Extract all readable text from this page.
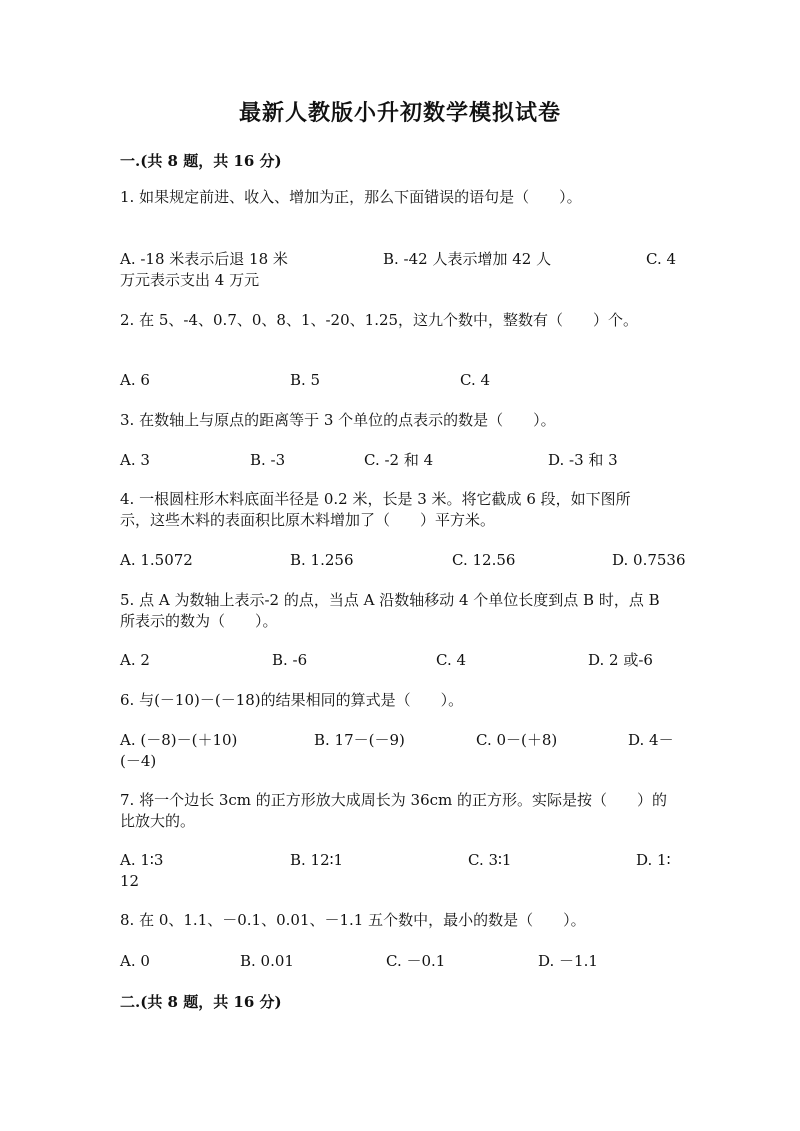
最新人教版小升初数学模拟试卷
一.(共 8 题，共 16 分)
1. 如果规定前进、收入、增加为正，那么下面错误的语句是（　　）。
A. -18 米表示后退 18 米	B. -42 人表示增加 42 人	C. 4
万元表示支出 4 万元
2. 在 5、-4、0.7、0、8、1、-20、1.25，这九个数中，整数有（　　）个。
A. 6	B. 5	C. 4
3. 在数轴上与原点的距离等于 3 个单位的点表示的数是（　　）。
A. 3	B. -3	C. -2 和 4	D. -3 和 3
4. 一根圆柱形木料底面半径是 0.2 米，长是 3 米。将它截成 6 段，如下图所
示，这些木料的表面积比原木料增加了（　　）平方米。
A. 1.5072	B. 1.256	C. 12.56	D. 0.7536
5. 点 A 为数轴上表示-2 的点，当点 A 沿数轴移动 4 个单位长度到点 B 时，点 B
所表示的数为（　　）。
A. 2	B. -6	C. 4	D. 2 或-6
6. 与(－10)－(－18)的结果相同的算式是（　　）。
A. (－8)－(＋10)	B. 17－(－9)	C. 0－(＋8)	D. 4－
(－4)
7. 将一个边长 3cm 的正方形放大成周长为 36cm 的正方形。实际是按（　　）的
比放大的。
A. 1∶3	B. 12∶1	C. 3∶1	D. 1∶
12
8. 在 0、1.1、－0.1、0.01、－1.1 五个数中，最小的数是（　　）。
A. 0	B. 0.01	C. －0.1	D. －1.1
二.(共 8 题，共 16 分)
